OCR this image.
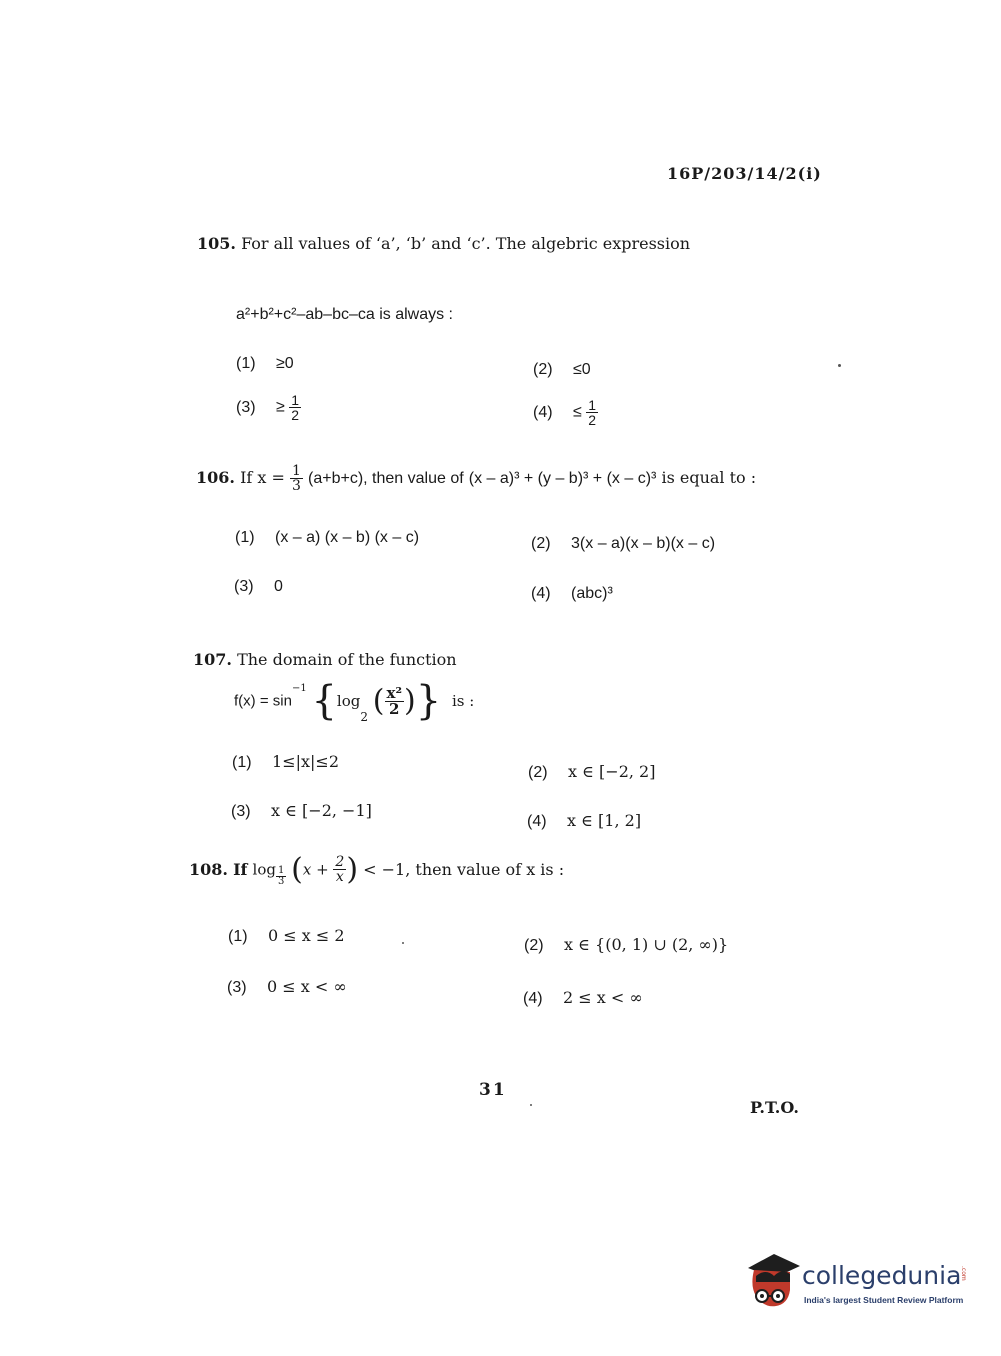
16P/203/14/2(i)
105. For all values of ‘a’, ‘b’ and ‘c’. The algebric expression
a²+b²+c²–ab–bc–ca is always :
(1) ≥0	(2) ≤0
$(3) \ge \frac{1}{2}$	$(4) \le \frac{1}{2}$
106. If $x = \frac{1}{3} (a+b+c)$, then value of (x – a)³ + (y – b)³ + (x – c)³ is equal to :
(1) (x – a) (x – b) (x – c)	(2) 3(x – a)(x – b)(x – c)
(3) 0	(4) (abc)³
107. The domain of the function
$f(x) = \sin^{-1} \{\log_2$ ( $\frac{\text{x²}}{2}$ )} is :
(1) 1≤|x|≤2
(2) x ∈ [−2, 2]
(3) x ∈ [−2, −1]
(4) x ∈ [1, 2]
108. If $\log \frac{1}{3} (x + \frac{2}{x}$ ) < −1, then value of x is :
(1) 0 ≤ x ≤ 2
(2) x ∈ {(0, 1) ∪ (2, ∞)}
(3) 0 ≤ x < ∞
(4) 2 ≤ x < ∞
31
P.T.O.
collegedunia
.com
India's largest Student Review Platform
